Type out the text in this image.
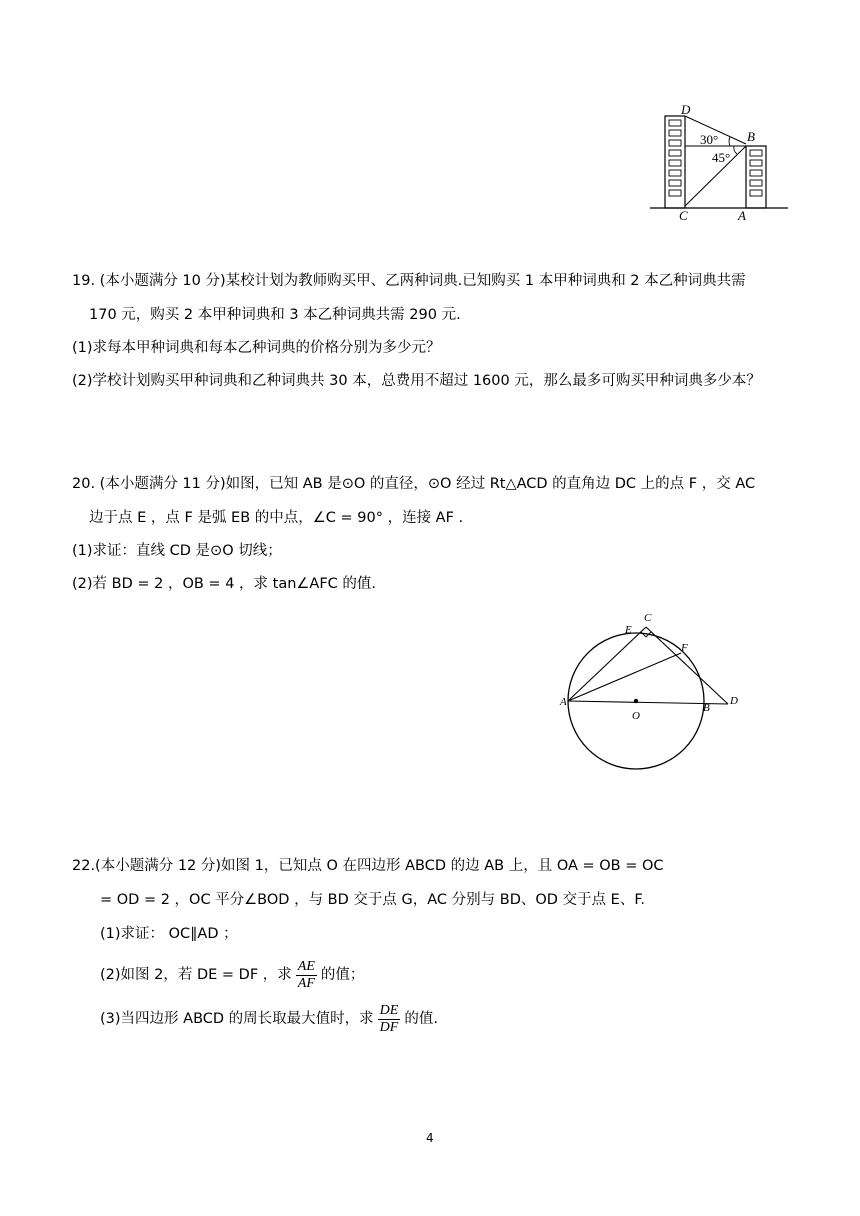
D
B
C	A
30°
45°
19. (本小题满分 10 分)某校计划为教师购买甲、乙两种词典.已知购买 1 本甲种词典和 2 本乙种词典共需
170 元，购买 2 本甲种词典和 3 本乙种词典共需 290 元.
(1)求每本甲种词典和每本乙种词典的价格分别为多少元？
(2)学校计划购买甲种词典和乙种词典共 30 本，总费用不超过 1600 元，那么最多可购买甲种词典多少本？
20. (本小题满分 11 分)如图，已知 AB 是⊙O 的直径，⊙O 经过 Rt△ACD 的直角边 DC 上的点 F ，交 AC
边于点 E ，点 F 是弧 EB 的中点，∠C = 90° ，连接 AF .
(1)求证：直线 CD 是⊙O 切线；
(2)若 BD = 2 ，OB = 4 ，求 tan∠AFC 的值.
A
O
B
D
C
E
F
22.(本小题满分 12 分)如图 1，已知点 O 在四边形 ABCD 的边 AB 上，且 OA = OB = OC
= OD = 2 ，OC 平分∠BOD ，与 BD 交于点 G，AC 分别与 BD、OD 交于点 E、F.
(1)求证： OC∥AD ；
(2)如图 2，若 DE = DF ，求 $\frac{AE}{AF}$ 的值；
(3)当四边形 ABCD 的周长取最大值时，求 $\frac{DE}{DF}$ 的值.
4
